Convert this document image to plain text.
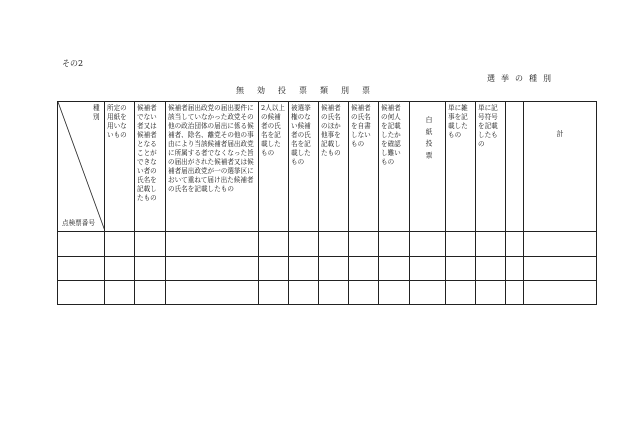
その2
選挙の種別
無効投票類別票
種別
点検票番号	所定の用紙を用いないもの	候補者でない者又は候補者となることができない者の氏名を記載したもの	候補者届出政党の届出要件に該当していなかった政党その他の政治団体の届出に係る候補者、除名、離党その他の事由により当該候補者届出政党に所属する者でなくなった旨の届出がされた候補者又は候補者届出政党が一の選挙区において重ねて届け出た候補者の氏名を記載したもの	2人以上の候補者の氏名を記載したもの	被選挙権のない候補者の氏名を記載したもの	候補者の氏名のほか他事を記載したもの	候補者の氏名を自書しないもの	候補者の何人を記載したかを確認し難いもの	白紙投票	単に雑事を記載したもの	単に記号符号を記載したもの		計
